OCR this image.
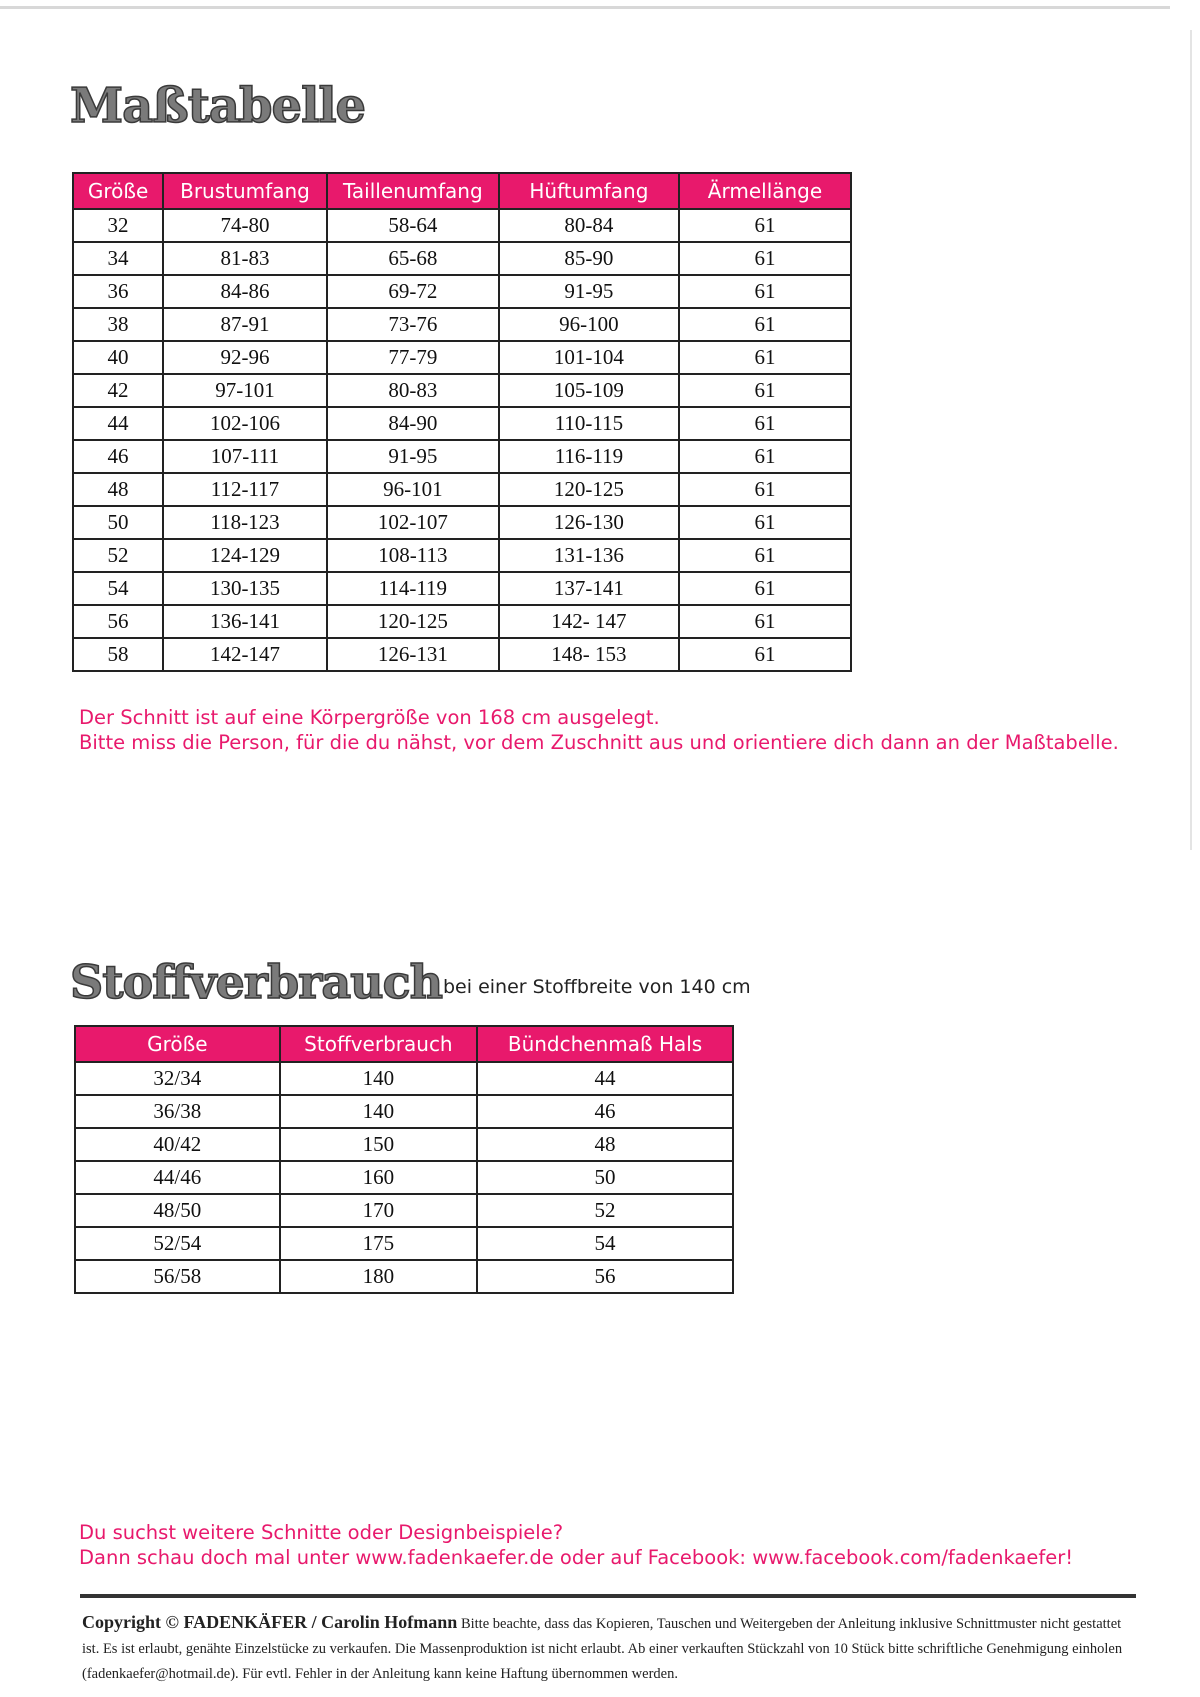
Maßtabelle
Größe	Brustumfang	Taillenumfang	Hüftumfang	Ärmellänge
32	74-80	58-64	80-84	61
34	81-83	65-68	85-90	61
36	84-86	69-72	91-95	61
38	87-91	73-76	96-100	61
40	92-96	77-79	101-104	61
42	97-101	80-83	105-109	61
44	102-106	84-90	110-115	61
46	107-111	91-95	116-119	61
48	112-117	96-101	120-125	61
50	118-123	102-107	126-130	61
52	124-129	108-113	131-136	61
54	130-135	114-119	137-141	61
56	136-141	120-125	142- 147	61
58	142-147	126-131	148- 153	61
Der Schnitt ist auf eine Körpergröße von 168 cm ausgelegt.
Bitte miss die Person, für die du nähst, vor dem Zuschnitt aus und orientiere dich dann an der Maßtabelle.
Stoffverbrauch bei einer Stoffbreite von 140 cm
Größe	Stoffverbrauch	Bündchenmaß Hals
32/34	140	44
36/38	140	46
40/42	150	48
44/46	160	50
48/50	170	52
52/54	175	54
56/58	180	56
Du suchst weitere Schnitte oder Designbeispiele?
Dann schau doch mal unter www.fadenkaefer.de oder auf Facebook: www.facebook.com/fadenkaefer!
Copyright © FADENKÄFER / Carolin Hofmann Bitte beachte, dass das Kopieren, Tauschen und Weitergeben der Anleitung inklusive Schnittmuster nicht gestattet ist. Es ist erlaubt, genähte Einzelstücke zu verkaufen. Die Massenproduktion ist nicht erlaubt. Ab einer verkauften Stückzahl von 10 Stück bitte schriftliche Genehmigung einholen (fadenkaefer@hotmail.de). Für evtl. Fehler in der Anleitung kann keine Haftung übernommen werden.
